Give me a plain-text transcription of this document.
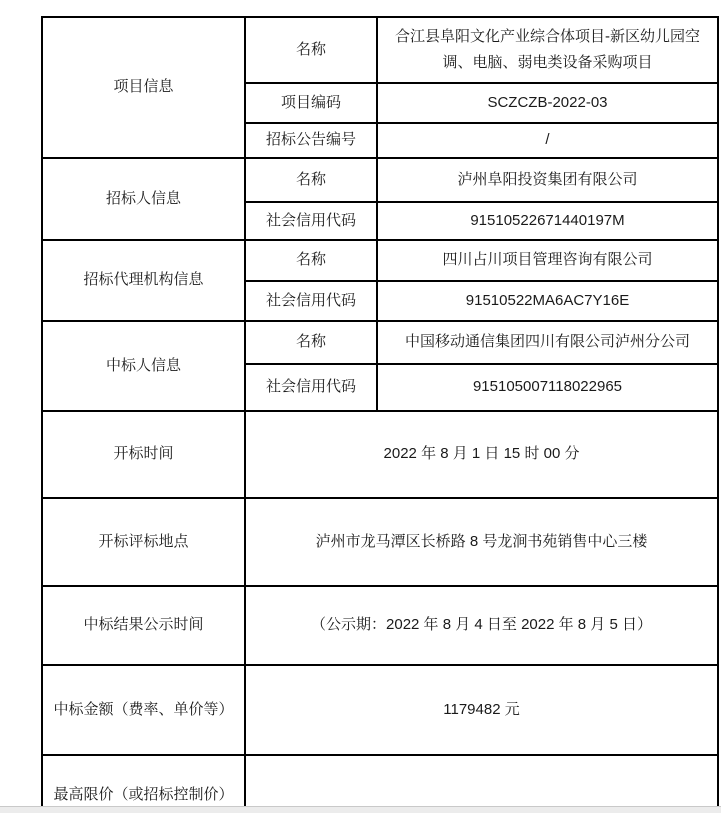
项目信息	名称	合江县阜阳文化产业综合体项目-新区幼儿园空调、电脑、弱电类设备采购项目
	项目编码	SCZCZB-2022-03
	招标公告编号	/
招标人信息	名称	泸州阜阳投资集团有限公司
	社会信用代码	91510522671440197M
招标代理机构信息	名称	四川占川项目管理咨询有限公司
	社会信用代码	91510522MA6AC7Y16E
中标人信息	名称	中国移动通信集团四川有限公司泸州分公司
	社会信用代码	915105007118022965
开标时间	2022 年 8 月 1 日 15 时 00 分	
开标评标地点	泸州市龙马潭区长桥路 8 号龙涧书苑销售中心三楼	
中标结果公示时间	（公示期：2022 年 8 月 4 日至 2022 年 8 月 5 日）	
中标金额（费率、单价等）	1179482 元	
最高限价（或招标控制价）		
